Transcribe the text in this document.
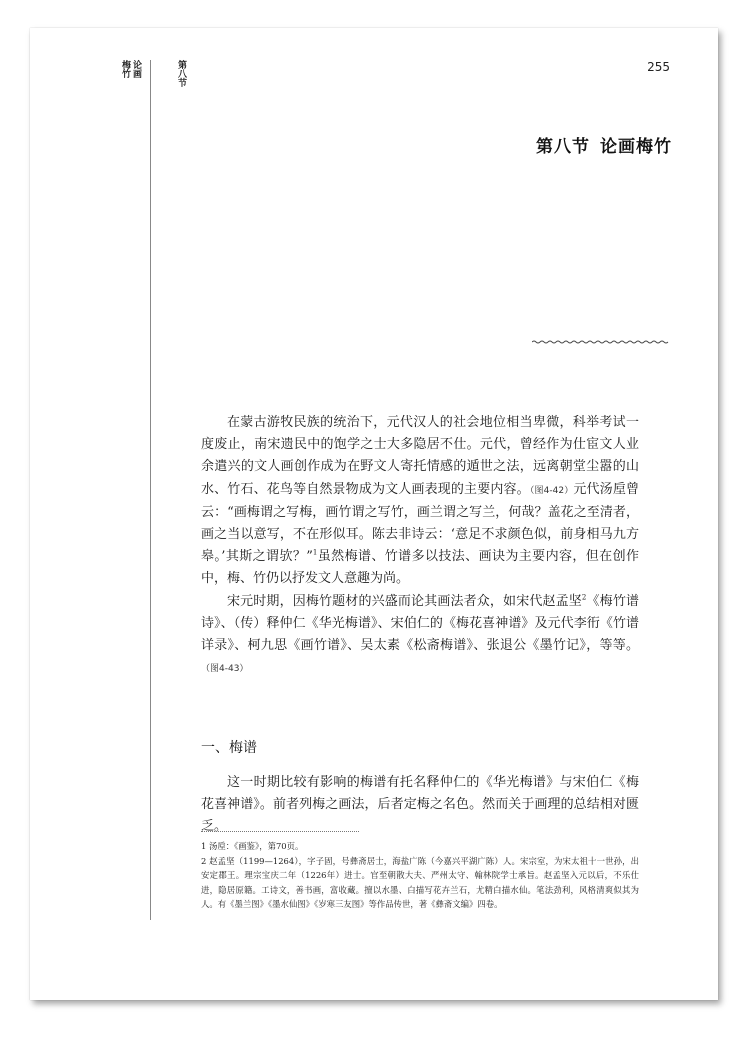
梅竹 论画	第八节	255
第八节 论画梅竹

在蒙古游牧民族的统治下，元代汉人的社会地位相当卑微，科举考试一度废止，南宋遗民中的饱学之士大多隐居不仕。元代，曾经作为仕宦文人业余遣兴的文人画创作成为在野文人寄托情感的遁世之法，远离朝堂尘嚣的山水、竹石、花鸟等自然景物成为文人画表现的主要内容。（图4-42）元代汤垕曾云：“画梅谓之写梅，画竹谓之写竹，画兰谓之写兰，何哉？盖花之至清者，画之当以意写，不在形似耳。陈去非诗云：‘意足不求颜色似，前身相马九方皋。’其斯之谓欤？”$^1$虽然梅谱、竹谱多以技法、画诀为主要内容，但在创作中，梅、竹仍以抒发文人意趣为尚。

宋元时期，因梅竹题材的兴盛而论其画法者众，如宋代赵孟坚$^2$《梅竹谱诗》、（传）释仲仁《华光梅谱》、宋伯仁的《梅花喜神谱》及元代李衎《竹谱详录》、柯九思《画竹谱》、吴太素《松斋梅谱》、张退公《墨竹记》，等等。（图4-43）

一、梅谱

这一时期比较有影响的梅谱有托名释仲仁的《华光梅谱》与宋伯仁《梅花喜神谱》。前者列梅之画法，后者定梅之名色。然而关于画理的总结相对匮乏。

1 汤垕：《画鉴》，第70页。

2 赵孟坚（1199—1264），字子固，号彝斋居士，海盐广陈（今嘉兴平湖广陈）人。宋宗室，为宋太祖十一世孙，出安定郡王。理宗宝庆二年（1226年）进士。官至朝散大夫、严州太守、翰林院学士承旨。赵孟坚入元以后，不乐仕进，隐居原籍。工诗文，善书画，富收藏。擅以水墨、白描写花卉兰石，尤精白描水仙。笔法劲利，风格清爽似其为人。有《墨兰图》《墨水仙图》《岁寒三友图》等作品传世，著《彝斋文编》四卷。
